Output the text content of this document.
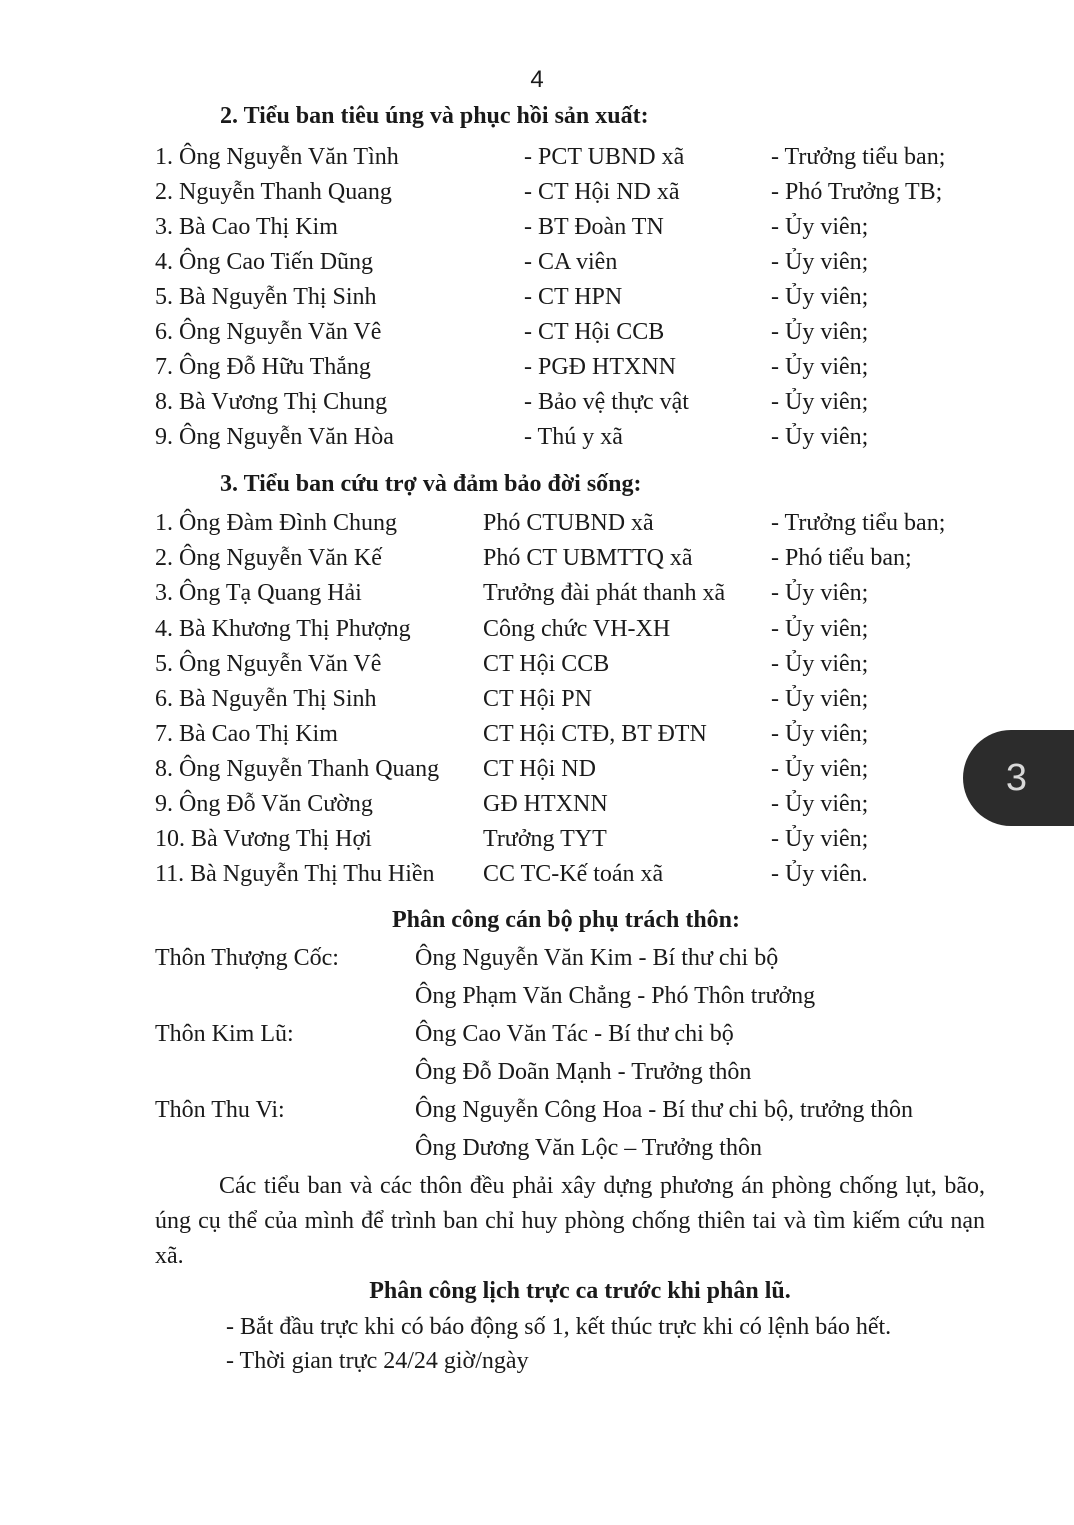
4
2. Tiểu ban tiêu úng và phục hồi sản xuất:
1. Ông Nguyễn Văn Tình	- PCT UBND xã	- Trưởng tiểu ban;
2. Nguyễn Thanh Quang	- CT Hội ND xã	- Phó Trưởng TB;
3. Bà Cao Thị Kim	- BT Đoàn TN	- Ủy viên;
4. Ông Cao Tiến Dũng	- CA viên	- Ủy viên;
5. Bà Nguyễn Thị Sinh	- CT HPN	- Ủy viên;
6. Ông Nguyễn Văn Vê	- CT Hội CCB	- Ủy viên;
7. Ông Đỗ Hữu Thắng	- PGĐ HTXNN	- Ủy viên;
8. Bà Vương Thị Chung	- Bảo vệ thực vật	- Ủy viên;
9. Ông Nguyễn Văn Hòa	- Thú y xã	- Ủy viên;
3. Tiểu ban cứu trợ và đảm bảo đời sống:
1. Ông Đàm Đình Chung	Phó CTUBND xã	- Trưởng tiểu ban;
2. Ông Nguyễn Văn Kế	Phó CT UBMTTQ xã	- Phó tiểu ban;
3. Ông Tạ Quang Hải	Trưởng đài phát thanh xã - Ủy viên;
4. Bà Khương Thị Phượng	Công chức VH-XH	- Ủy viên;
5. Ông Nguyễn Văn Vê	CT Hội CCB	- Ủy viên;
6. Bà Nguyễn Thị Sinh	CT Hội PN	- Ủy viên;
7. Bà Cao Thị Kim	CT Hội CTĐ, BT ĐTN	- Ủy viên;
8. Ông Nguyễn Thanh Quang CT Hội ND	- Ủy viên;
9. Ông Đỗ Văn Cường	GĐ HTXNN	- Ủy viên;
10. Bà Vương Thị Hợi	Trưởng TYT	- Ủy viên;
11. Bà Nguyễn Thị Thu Hiền CC TC-Kế toán xã	- Ủy viên.
Phân công cán bộ phụ trách thôn:
Thôn Thượng Cốc:	Ông Nguyễn Văn Kim - Bí thư chi bộ
Ông Phạm Văn Chẳng - Phó Thôn trưởng
Thôn Kim Lũ:	Ông Cao Văn Tác - Bí thư chi bộ
Ông Đỗ Doãn Mạnh - Trưởng thôn
Thôn Thu Vi:	Ông Nguyễn Công Hoa - Bí thư chi bộ, trưởng thôn
Ông Dương Văn Lộc – Trưởng thôn
Các tiểu ban và các thôn đều phải xây dựng phương án phòng chống lụt, bão, úng cụ thể của mình để trình ban chỉ huy phòng chống thiên tai và tìm kiếm cứu nạn xã.
Phân công lịch trực ca trước khi phân lũ.
- Bắt đầu trực khi có báo động số 1, kết thúc trực khi có lệnh báo hết.
- Thời gian trực 24/24 giờ/ngày
3
